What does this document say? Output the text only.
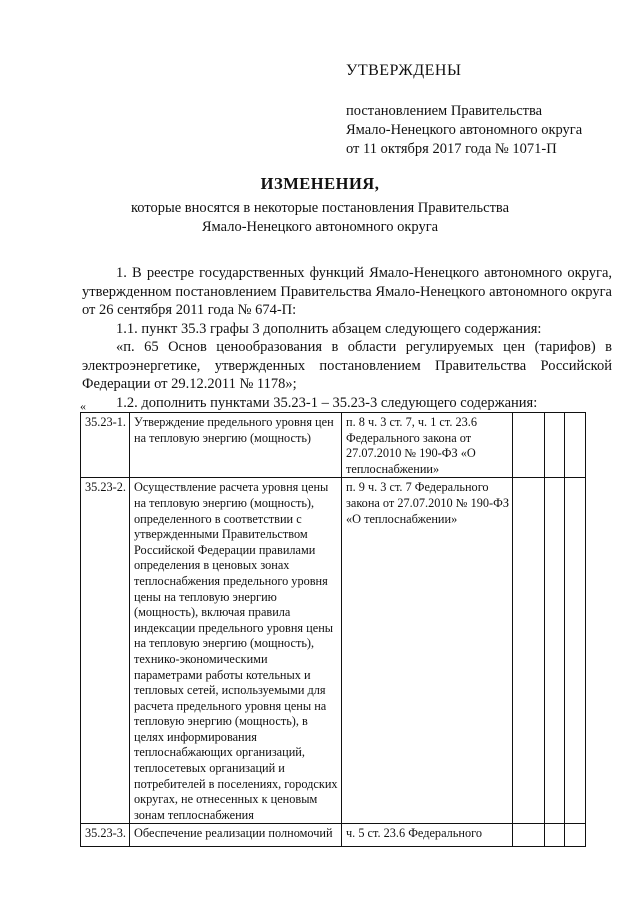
УТВЕРЖДЕНЫ
постановлением Правительства
Ямало-Ненецкого автономного округа
от 11 октября 2017 года № 1071-П
ИЗМЕНЕНИЯ,
которые вносятся в некоторые постановления Правительства
Ямало-Ненецкого автономного округа

1. В реестре государственных функций Ямало-Ненецкого автономного округа, утвержденном постановлением Правительства Ямало-Ненецкого автономного округа от 26 сентября 2011 года № 674-П:

1.1. пункт 35.3 графы 3 дополнить абзацем следующего содержания:

«п. 65 Основ ценообразования в области регулируемых цен (тарифов) в электроэнергетике, утвержденных постановлением Правительства Российской Федерации от 29.12.2011 № 1178»;

1.2. дополнить пунктами 35.23-1 – 35.23-3 следующего содержания:

«
35.23-1.	Утверждение предельного уровня цен на тепловую энергию (мощность)	п. 8 ч. 3 ст. 7, ч. 1 ст. 23.6 Федерального закона от 27.07.2010 № 190-ФЗ «О теплоснабжении»			
35.23-2.	Осуществление расчета уровня цены на тепловую энергию (мощность), определенного в соответствии с утвержденными Правительством Российской Федерации правилами определения в ценовых зонах теплоснабжения предельного уровня цены на тепловую энергию (мощность), включая правила индексации предельного уровня цены на тепловую энергию (мощность), технико-экономическими параметрами работы котельных и тепловых сетей, используемыми для расчета предельного уровня цены на тепловую энергию (мощность), в целях информирования теплоснабжающих организаций, теплосетевых организаций и потребителей в поселениях, городских округах, не отнесенных к ценовым зонам теплоснабжения	п. 9 ч. 3 ст. 7 Федерального закона от 27.07.2010 № 190-ФЗ «О теплоснабжении»			
35.23-3.	Обеспечение реализации полномочий	ч. 5 ст. 23.6 Федерального			
